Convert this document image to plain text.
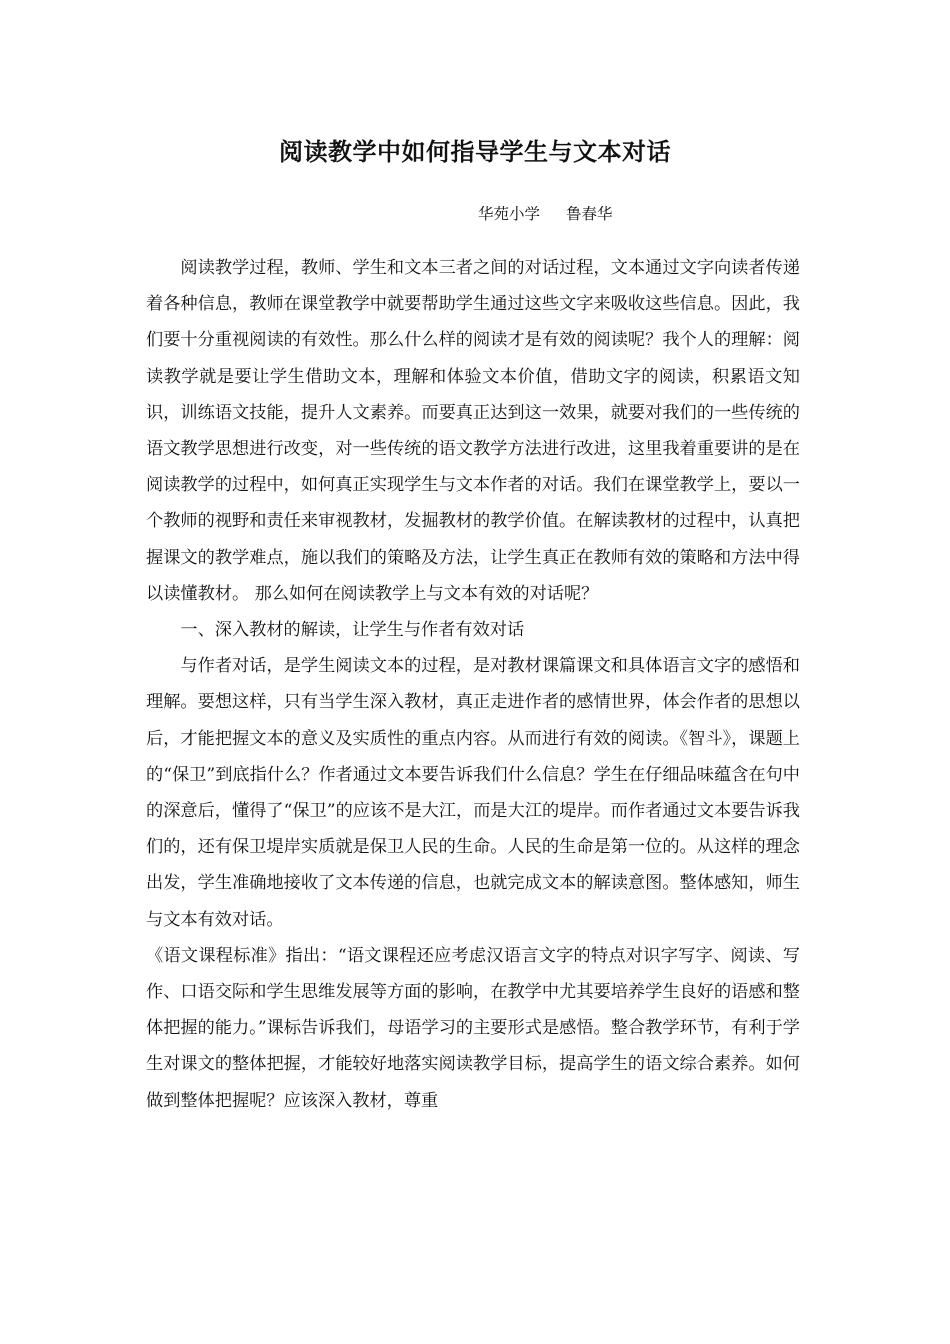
阅读教学中如何指导学生与文本对话
华苑小学 鲁春华

阅读教学过程，教师、学生和文本三者之间的对话过程，文本通过文字向读者传递着各种信息，教师在课堂教学中就要帮助学生通过这些文字来吸收这些信息。因此，我们要十分重视阅读的有效性。那么什么样的阅读才是有效的阅读呢？我个人的理解：阅读教学就是要让学生借助文本，理解和体验文本价值，借助文字的阅读，积累语文知识，训练语文技能，提升人文素养。而要真正达到这一效果，就要对我们的一些传统的语文教学思想进行改变，对一些传统的语文教学方法进行改进，这里我着重要讲的是在阅读教学的过程中，如何真正实现学生与文本作者的对话。我们在课堂教学上，要以一个教师的视野和责任来审视教材，发掘教材的教学价值。在解读教材的过程中，认真把握课文的教学难点，施以我们的策略及方法，让学生真正在教师有效的策略和方法中得以读懂教材。 那么如何在阅读教学上与文本有效的对话呢？

一、深入教材的解读，让学生与作者有效对话

与作者对话，是学生阅读文本的过程，是对教材课篇课文和具体语言文字的感悟和理解。要想这样，只有当学生深入教材，真正走进作者的感情世界，体会作者的思想以后，才能把握文本的意义及实质性的重点内容。从而进行有效的阅读。《智斗》，课题上的“保卫”到底指什么？作者通过文本要告诉我们什么信息？学生在仔细品味蕴含在句中的深意后，懂得了“保卫”的应该不是大江，而是大江的堤岸。而作者通过文本要告诉我们的，还有保卫堤岸实质就是保卫人民的生命。人民的生命是第一位的。从这样的理念出发，学生准确地接收了文本传递的信息，也就完成文本的解读意图。整体感知，师生与文本有效对话。

《语文课程标准》指出：“语文课程还应考虑汉语言文字的特点对识字写字、阅读、写作、口语交际和学生思维发展等方面的影响，在教学中尤其要培养学生良好的语感和整体把握的能力。”课标告诉我们，母语学习的主要形式是感悟。整合教学环节，有利于学生对课文的整体把握，才能较好地落实阅读教学目标，提高学生的语文综合素养。如何做到整体把握呢？应该深入教材，尊重
